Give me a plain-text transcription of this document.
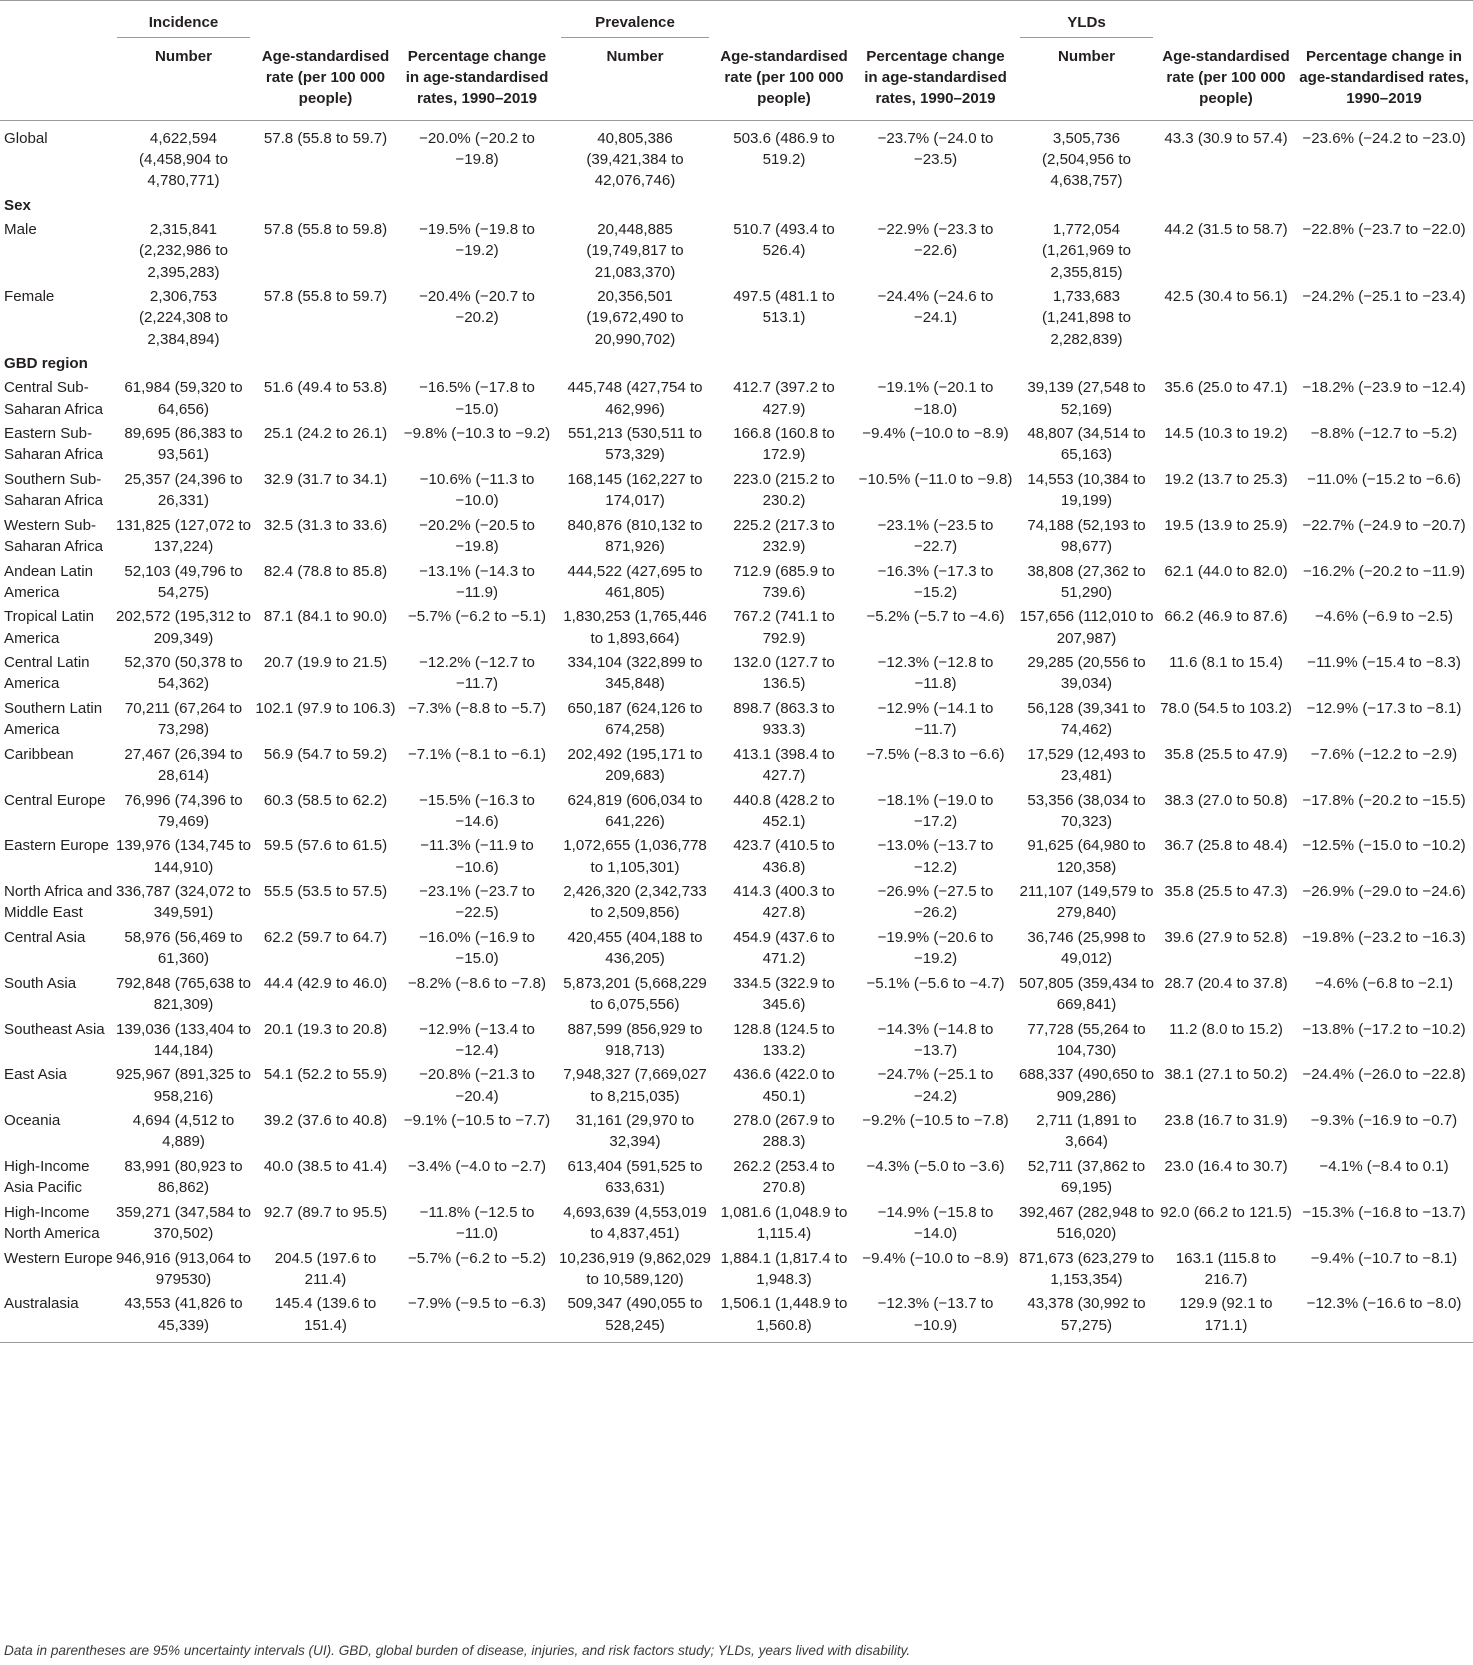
	Incidence			Prevalence			YLDs		
	Number	Age-standardised rate (per 100 000 people)	Percentage change in age-standardised rates, 1990–2019	Number	Age-standardised rate (per 100 000 people)	Percentage change in age-standardised rates, 1990–2019	Number	Age-standardised rate (per 100 000 people)	Percentage change in age-standardised rates, 1990–2019
Global	4,622,594 (4,458,904 to 4,780,771)	57.8 (55.8 to 59.7)	−20.0% (−20.2 to −19.8)	40,805,386 (39,421,384 to 42,076,746)	503.6 (486.9 to 519.2)	−23.7% (−24.0 to −23.5)	3,505,736 (2,504,956 to 4,638,757)	43.3 (30.9 to 57.4)	−23.6% (−24.2 to −23.0)
Sex									
Male	2,315,841 (2,232,986 to 2,395,283)	57.8 (55.8 to 59.8)	−19.5% (−19.8 to −19.2)	20,448,885 (19,749,817 to 21,083,370)	510.7 (493.4 to 526.4)	−22.9% (−23.3 to −22.6)	1,772,054 (1,261,969 to 2,355,815)	44.2 (31.5 to 58.7)	−22.8% (−23.7 to −22.0)
Female	2,306,753 (2,224,308 to 2,384,894)	57.8 (55.8 to 59.7)	−20.4% (−20.7 to −20.2)	20,356,501 (19,672,490 to 20,990,702)	497.5 (481.1 to 513.1)	−24.4% (−24.6 to −24.1)	1,733,683 (1,241,898 to 2,282,839)	42.5 (30.4 to 56.1)	−24.2% (−25.1 to −23.4)
GBD region									
Central Sub-Saharan Africa	61,984 (59,320 to 64,656)	51.6 (49.4 to 53.8)	−16.5% (−17.8 to −15.0)	445,748 (427,754 to 462,996)	412.7 (397.2 to 427.9)	−19.1% (−20.1 to −18.0)	39,139 (27,548 to 52,169)	35.6 (25.0 to 47.1)	−18.2% (−23.9 to −12.4)
Eastern Sub-Saharan Africa	89,695 (86,383 to 93,561)	25.1 (24.2 to 26.1)	−9.8% (−10.3 to −9.2)	551,213 (530,511 to 573,329)	166.8 (160.8 to 172.9)	−9.4% (−10.0 to −8.9)	48,807 (34,514 to 65,163)	14.5 (10.3 to 19.2)	−8.8% (−12.7 to −5.2)
Southern Sub-Saharan Africa	25,357 (24,396 to 26,331)	32.9 (31.7 to 34.1)	−10.6% (−11.3 to −10.0)	168,145 (162,227 to 174,017)	223.0 (215.2 to 230.2)	−10.5% (−11.0 to −9.8)	14,553 (10,384 to 19,199)	19.2 (13.7 to 25.3)	−11.0% (−15.2 to −6.6)
Western Sub-Saharan Africa	131,825 (127,072 to 137,224)	32.5 (31.3 to 33.6)	−20.2% (−20.5 to −19.8)	840,876 (810,132 to 871,926)	225.2 (217.3 to 232.9)	−23.1% (−23.5 to −22.7)	74,188 (52,193 to 98,677)	19.5 (13.9 to 25.9)	−22.7% (−24.9 to −20.7)
Andean Latin America	52,103 (49,796 to 54,275)	82.4 (78.8 to 85.8)	−13.1% (−14.3 to −11.9)	444,522 (427,695 to 461,805)	712.9 (685.9 to 739.6)	−16.3% (−17.3 to −15.2)	38,808 (27,362 to 51,290)	62.1 (44.0 to 82.0)	−16.2% (−20.2 to −11.9)
Tropical Latin America	202,572 (195,312 to 209,349)	87.1 (84.1 to 90.0)	−5.7% (−6.2 to −5.1)	1,830,253 (1,765,446 to 1,893,664)	767.2 (741.1 to 792.9)	−5.2% (−5.7 to −4.6)	157,656 (112,010 to 207,987)	66.2 (46.9 to 87.6)	−4.6% (−6.9 to −2.5)
Central Latin America	52,370 (50,378 to 54,362)	20.7 (19.9 to 21.5)	−12.2% (−12.7 to −11.7)	334,104 (322,899 to 345,848)	132.0 (127.7 to 136.5)	−12.3% (−12.8 to −11.8)	29,285 (20,556 to 39,034)	11.6 (8.1 to 15.4)	−11.9% (−15.4 to −8.3)
Southern Latin America	70,211 (67,264 to 73,298)	102.1 (97.9 to 106.3)	−7.3% (−8.8 to −5.7)	650,187 (624,126 to 674,258)	898.7 (863.3 to 933.3)	−12.9% (−14.1 to −11.7)	56,128 (39,341 to 74,462)	78.0 (54.5 to 103.2)	−12.9% (−17.3 to −8.1)
Caribbean	27,467 (26,394 to 28,614)	56.9 (54.7 to 59.2)	−7.1% (−8.1 to −6.1)	202,492 (195,171 to 209,683)	413.1 (398.4 to 427.7)	−7.5% (−8.3 to −6.6)	17,529 (12,493 to 23,481)	35.8 (25.5 to 47.9)	−7.6% (−12.2 to −2.9)
Central Europe	76,996 (74,396 to 79,469)	60.3 (58.5 to 62.2)	−15.5% (−16.3 to −14.6)	624,819 (606,034 to 641,226)	440.8 (428.2 to 452.1)	−18.1% (−19.0 to −17.2)	53,356 (38,034 to 70,323)	38.3 (27.0 to 50.8)	−17.8% (−20.2 to −15.5)
Eastern Europe	139,976 (134,745 to 144,910)	59.5 (57.6 to 61.5)	−11.3% (−11.9 to −10.6)	1,072,655 (1,036,778 to 1,105,301)	423.7 (410.5 to 436.8)	−13.0% (−13.7 to −12.2)	91,625 (64,980 to 120,358)	36.7 (25.8 to 48.4)	−12.5% (−15.0 to −10.2)
North Africa and Middle East	336,787 (324,072 to 349,591)	55.5 (53.5 to 57.5)	−23.1% (−23.7 to −22.5)	2,426,320 (2,342,733 to 2,509,856)	414.3 (400.3 to 427.8)	−26.9% (−27.5 to −26.2)	211,107 (149,579 to 279,840)	35.8 (25.5 to 47.3)	−26.9% (−29.0 to −24.6)
Central Asia	58,976 (56,469 to 61,360)	62.2 (59.7 to 64.7)	−16.0% (−16.9 to −15.0)	420,455 (404,188 to 436,205)	454.9 (437.6 to 471.2)	−19.9% (−20.6 to −19.2)	36,746 (25,998 to 49,012)	39.6 (27.9 to 52.8)	−19.8% (−23.2 to −16.3)
South Asia	792,848 (765,638 to 821,309)	44.4 (42.9 to 46.0)	−8.2% (−8.6 to −7.8)	5,873,201 (5,668,229 to 6,075,556)	334.5 (322.9 to 345.6)	−5.1% (−5.6 to −4.7)	507,805 (359,434 to 669,841)	28.7 (20.4 to 37.8)	−4.6% (−6.8 to −2.1)
Southeast Asia	139,036 (133,404 to 144,184)	20.1 (19.3 to 20.8)	−12.9% (−13.4 to −12.4)	887,599 (856,929 to 918,713)	128.8 (124.5 to 133.2)	−14.3% (−14.8 to −13.7)	77,728 (55,264 to 104,730)	11.2 (8.0 to 15.2)	−13.8% (−17.2 to −10.2)
East Asia	925,967 (891,325 to 958,216)	54.1 (52.2 to 55.9)	−20.8% (−21.3 to −20.4)	7,948,327 (7,669,027 to 8,215,035)	436.6 (422.0 to 450.1)	−24.7% (−25.1 to −24.2)	688,337 (490,650 to 909,286)	38.1 (27.1 to 50.2)	−24.4% (−26.0 to −22.8)
Oceania	4,694 (4,512 to 4,889)	39.2 (37.6 to 40.8)	−9.1% (−10.5 to −7.7)	31,161 (29,970 to 32,394)	278.0 (267.9 to 288.3)	−9.2% (−10.5 to −7.8)	2,711 (1,891 to 3,664)	23.8 (16.7 to 31.9)	−9.3% (−16.9 to −0.7)
High-Income Asia Pacific	83,991 (80,923 to 86,862)	40.0 (38.5 to 41.4)	−3.4% (−4.0 to −2.7)	613,404 (591,525 to 633,631)	262.2 (253.4 to 270.8)	−4.3% (−5.0 to −3.6)	52,711 (37,862 to 69,195)	23.0 (16.4 to 30.7)	−4.1% (−8.4 to 0.1)
High-Income North America	359,271 (347,584 to 370,502)	92.7 (89.7 to 95.5)	−11.8% (−12.5 to −11.0)	4,693,639 (4,553,019 to 4,837,451)	1,081.6 (1,048.9 to 1,115.4)	−14.9% (−15.8 to −14.0)	392,467 (282,948 to 516,020)	92.0 (66.2 to 121.5)	−15.3% (−16.8 to −13.7)
Western Europe	946,916 (913,064 to 979530)	204.5 (197.6 to 211.4)	−5.7% (−6.2 to −5.2)	10,236,919 (9,862,029 to 10,589,120)	1,884.1 (1,817.4 to 1,948.3)	−9.4% (−10.0 to −8.9)	871,673 (623,279 to 1,153,354)	163.1 (115.8 to 216.7)	−9.4% (−10.7 to −8.1)
Australasia	43,553 (41,826 to 45,339)	145.4 (139.6 to 151.4)	−7.9% (−9.5 to −6.3)	509,347 (490,055 to 528,245)	1,506.1 (1,448.9 to 1,560.8)	−12.3% (−13.7 to −10.9)	43,378 (30,992 to 57,275)	129.9 (92.1 to 171.1)	−12.3% (−16.6 to −8.0)
Data in parentheses are 95% uncertainty intervals (UI). GBD, global burden of disease, injuries, and risk factors study; YLDs, years lived with disability.
